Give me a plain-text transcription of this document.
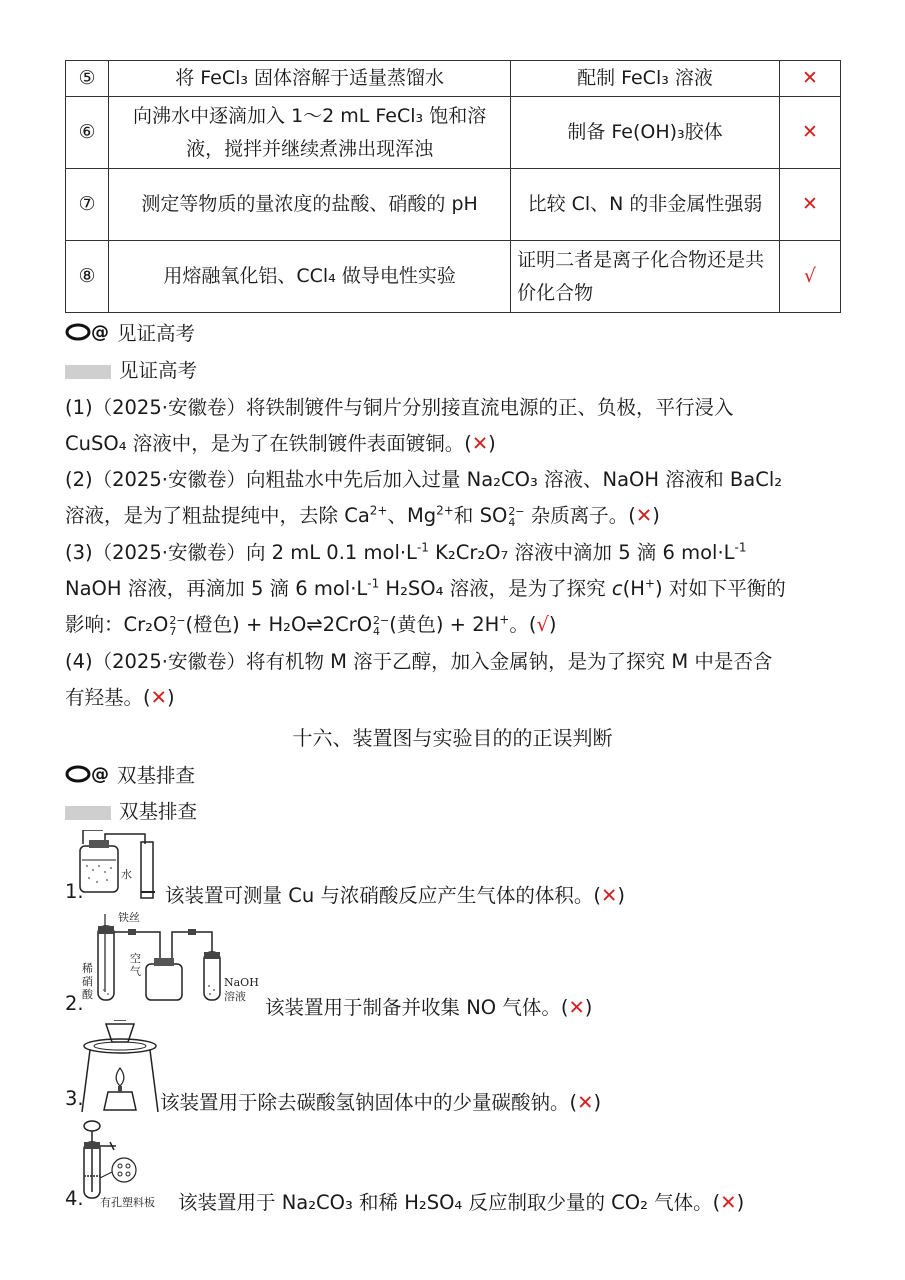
⑤	将 FeCl₃ 固体溶解于适量蒸馏水	配制 FeCl₃ 溶液	✕
⑥	向沸水中逐滴加入 1～2 mL FeCl₃ 饱和溶液，搅拌并继续煮沸出现浑浊	制备 Fe(OH)₃胶体	✕
⑦	测定等物质的量浓度的盐酸、硝酸的 pH	比较 Cl、N 的非金属性强弱	✕
⑧	用熔融氧化铝、CCl₄ 做导电性实验	证明二者是离子化合物还是共价化合物	√
@ 见证高考
见证高考
(1)（2025·安徽卷）将铁制镀件与铜片分别接直流电源的正、负极，平行浸入
CuSO₄ 溶液中，是为了在铁制镀件表面镀铜。(✕)
(2)（2025·安徽卷）向粗盐水中先后加入过量 Na₂CO₃ 溶液、NaOH 溶液和 BaCl₂
溶液，是为了粗盐提纯中，去除 $Ca^{2+}$、$Mg^{2+}$和 SO 2−
4 杂质离子。(✕)
(3)（2025·安徽卷）向 2 mL 0.1 $mol\cdot L^{-1}$ K₂Cr₂O₇ 溶液中滴加 5 滴 6 $mol\cdot L^{-1}$
NaOH 溶液，再滴加 5 滴 6 $mol\cdot L^{-1}$ H₂SO₄ 溶液，是为了探究 c(H+) 对如下平衡的
影响：Cr₂O 2−
7 (橙色) + H₂O⇌2CrO 2−
4 (黄色) + 2H+。(√)
(4)（2025·安徽卷）将有机物 M 溶于乙醇，加入金属钠，是为了探究 M 中是否含
有羟基。(✕)
十六、装置图与实验目的的正误判断
@ 双基排查
双基排查
水
1.	该装置可测量 Cu 与浓硝酸反应产生气体的体积。(✕)
铁丝
稀
硝
酸
空
气
NaOH
溶液
2.	该装置用于制备并收集 NO 气体。(✕)
3.	该装置用于除去碳酸氢钠固体中的少量碳酸钠。(✕)
有孔塑料板
4.	该装置用于 Na₂CO₃ 和稀 H₂SO₄ 反应制取少量的 CO₂ 气体。(✕)
